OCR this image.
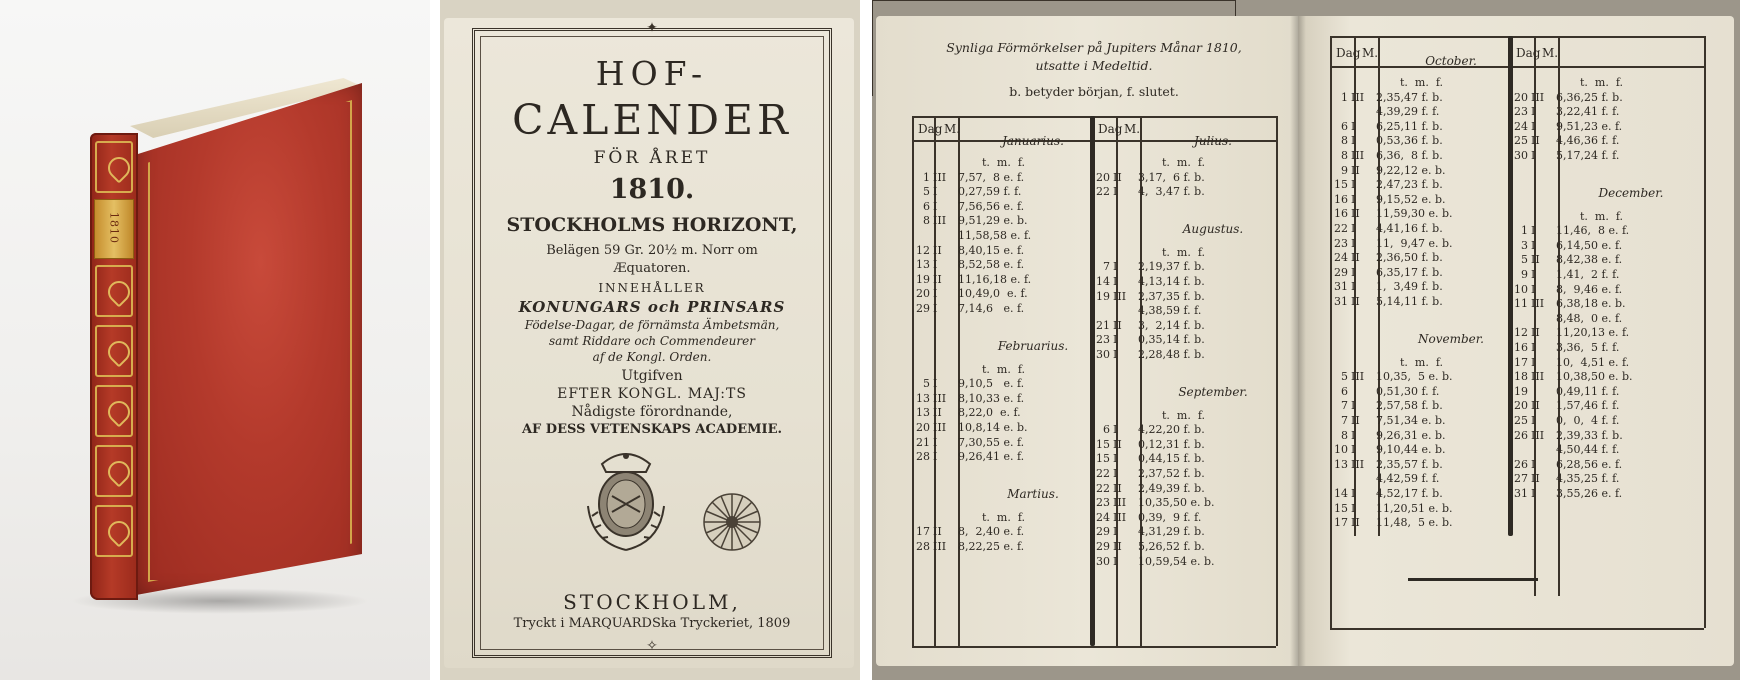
1810
✦
✧
HOF-
CALENDER
FÖR ÅRET
1810.
STOCKHOLMS HORIZONT,
Belägen 59 Gr. 20½ m. Norr om
Æquatoren.
INNEHÅLLER
KONUNGARS och PRINSARS
Födelse-Dagar, de förnämsta Ämbetsmän,
samt Riddare och Commendeurer
af de Kongl. Orden.
Utgifven
EFTER KONGL. MAJ:TS
Nådigste förordnande,
AF DESS VETENSKAPS ACADEMIE.
STOCKHOLM,
Tryckt i MARQUARDSka Tryckeriet, 1809
Synliga Förmörkelser på Jupiters Månar 1810,
utsatte i Medeltid.
b. betyder början, f. slutet.
Dag M.
Januarius.
t.  m.  f.
1 III 7,57,  8 e. f.
5 I 0,27,59 f. f.
6 I 7,56,56 e. f.
8 III 9,51,29 e. b.
11,58,58 e. f.
12 II 8,40,15 e. f.
13 I 8,52,58 e. f.
19 II 11,16,18 e. f.
20 I 10,49,0  e. f.
29 I 7,14,6   e. f.
Februarius.
t.  m.  f.
5 I 9,10,5   e. f.
13 III 8,10,33 e. f.
13 II 8,22,0  e. f.
20 III 10,8,14 e. b.
21 I 7,30,55 e. f.
28 I 9,26,41 e. f.
Martius.
t.  m.  f.
17 II 8,  2,40 e. f.
28 III 8,22,25 e. f.
Dag M.
Julius.
t.  m.  f.
20 II 3,17,  6 f. b.
22 I 4,  3,47 f. b.
Augustus.
t.  m.  f.
7 I 2,19,37 f. b.
14 I 4,13,14 f. b.
19 III 2,37,35 f. b.
4,38,59 f. f.
21 II 3,  2,14 f. b.
23 I 0,35,14 f. b.
30 I 2,28,48 f. b.
September.
t.  m.  f.
6 I 4,22,20 f. b.
15 II 0,12,31 f. b.
15 I 0,44,15 f. b.
22 I 2,37,52 f. b.
22 II 2,49,39 f. b.
23 III 10,35,50 e. b.
24 III 0,39,  9 f. f.
29 I 4,31,29 f. b.
29 II 5,26,52 f. b.
30 I 10,59,54 e. b.
Dag M.
October.
t.  m.  f.
1 III 2,35,47 f. b.
4,39,29 f. f.
6 I 6,25,11 f. b.
8 I 0,53,36 f. b.
8 III 6,36,  8 f. b.
9 II 9,22,12 e. b.
15 I 2,47,23 f. b.
16 I 9,15,52 e. b.
16 II 11,59,30 e. b.
22 I 4,41,16 f. b.
23 I 11,  9,47 e. b.
24 II 2,36,50 f. b.
29 I 6,35,17 f. b.
31 I 1,  3,49 f. b.
31 II 5,14,11 f. b.
November.
t.  m.  f.
5 III 10,35,  5 e. b.
6	0,51,30 f. f.
7 I 2,57,58 f. b.
7 II 7,51,34 e. b.
8 I 9,26,31 e. b.
10 I 9,10,44 e. b.
13 III 2,35,57 f. b.
4,42,59 f. f.
14 I 4,52,17 f. b.
15 I 11,20,51 e. b.
17 II 11,48,  5 e. b.
Dag M.
t.  m.  f.
20 III 6,36,25 f. b.
23 I 3,22,41 f. f.
24 I 9,51,23 e. f.
25 II 4,46,36 f. f.
30 I 5,17,24 f. f.
December.
t.  m.  f.
1 I 11,46,  8 e. f.
3 I 6,14,50 e. f.
5 II 8,42,38 e. f.
9 I 1,41,  2 f. f.
10 I 8,  9,46 e. f.
11 III 6,38,18 e. b.
8,48,  0 e. f.
12 II 11,20,13 e. f.
16 I 3,36,  5 f. f.
17 I 10,  4,51 e. f.
18 III 10,38,50 e. b.
19	0,49,11 f. f.
20 II 1,57,46 f. f.
25 I 0,  0,  4 f. f.
26 III 2,39,33 f. b.
4,50,44 f. f.
26 I 6,28,56 e. f.
27 II 4,35,25 f. f.
31 I 3,55,26 e. f.
